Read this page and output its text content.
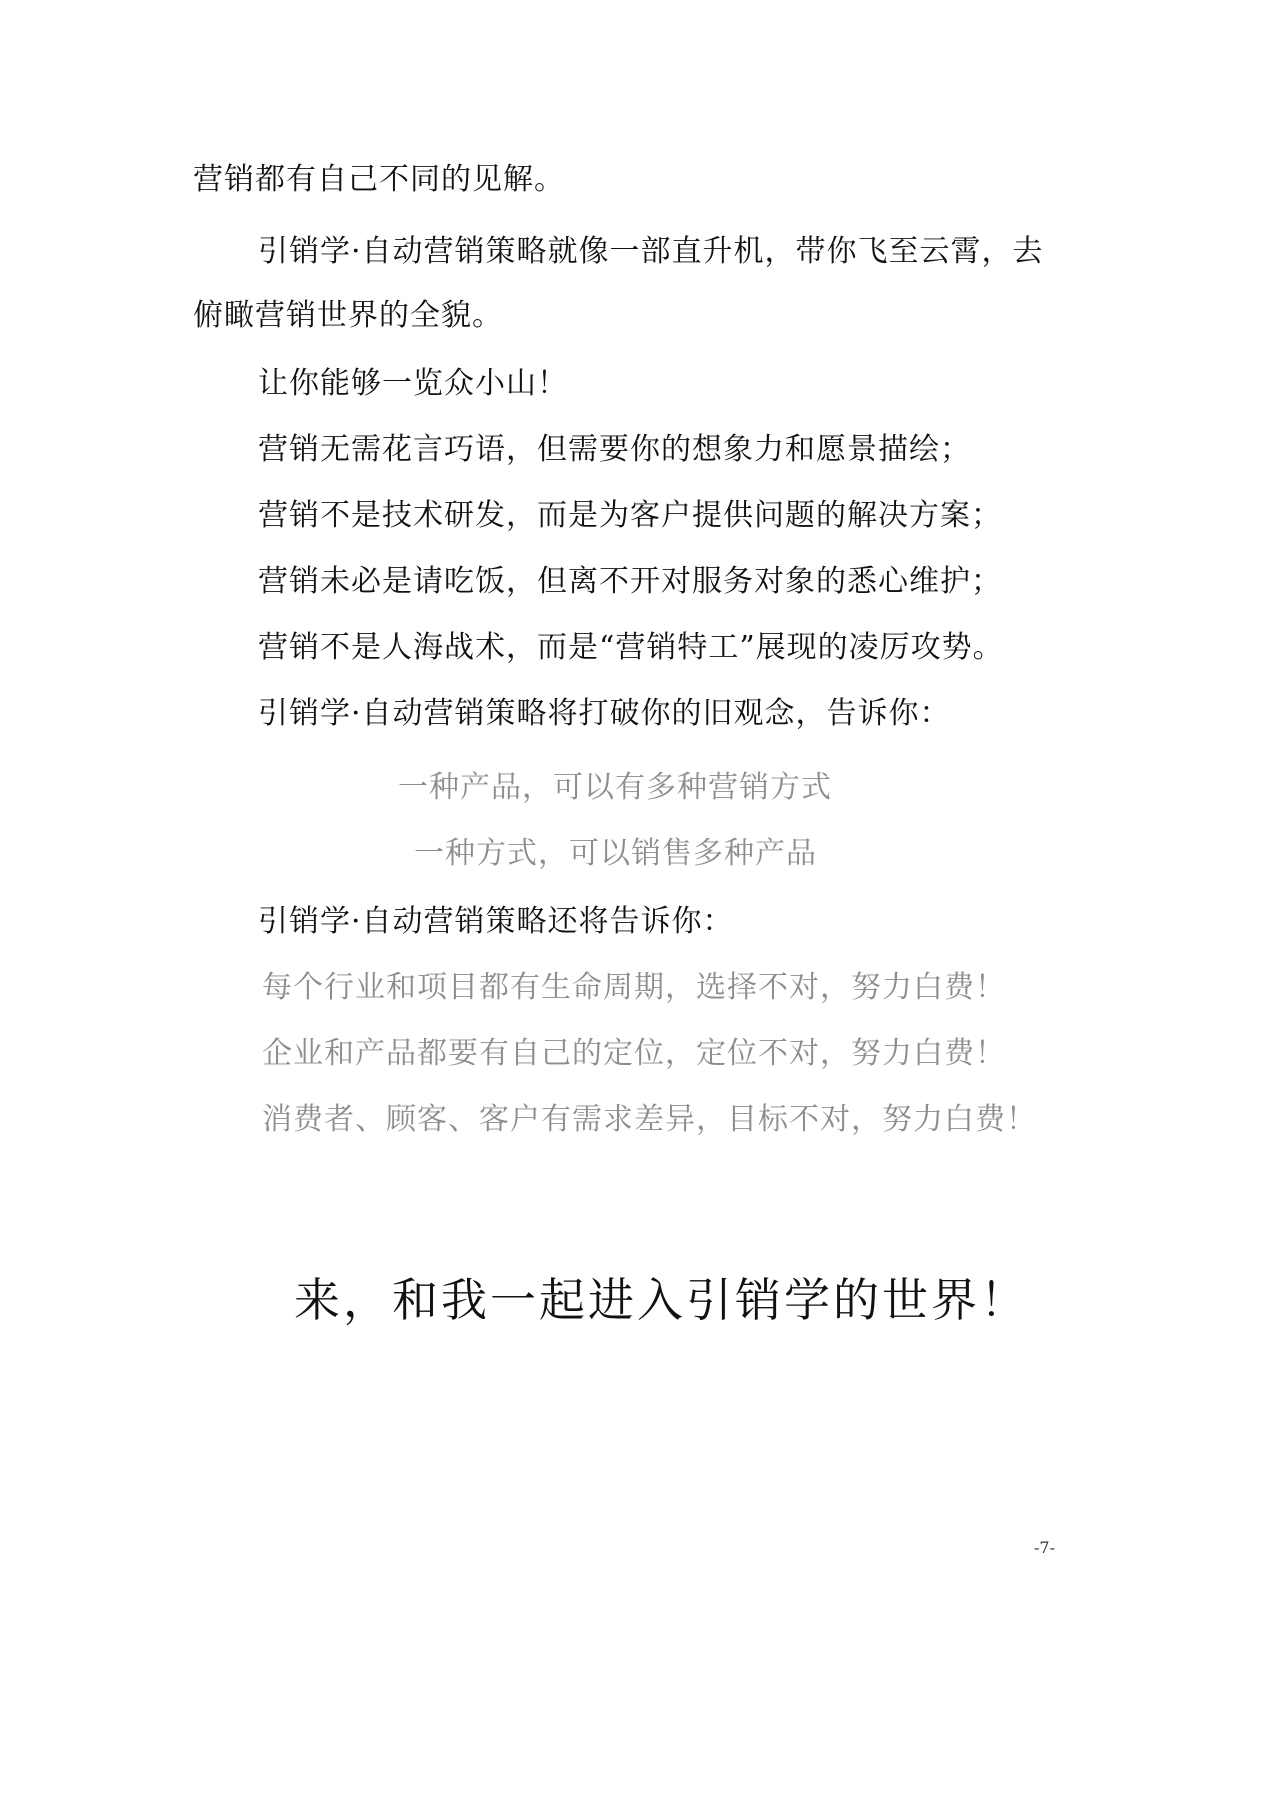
营销都有自己不同的见解。
引销学·自动营销策略就像一部直升机，带你飞至云霄，去
俯瞰营销世界的全貌。
让你能够一览众小山！
营销无需花言巧语，但需要你的想象力和愿景描绘；
营销不是技术研发，而是为客户提供问题的解决方案；
营销未必是请吃饭，但离不开对服务对象的悉心维护；
营销不是人海战术，而是“营销特工”展现的凌厉攻势。
引销学·自动营销策略将打破你的旧观念，告诉你：
一种产品，可以有多种营销方式
一种方式，可以销售多种产品
引销学·自动营销策略还将告诉你：
每个行业和项目都有生命周期，选择不对，努力白费！
企业和产品都要有自己的定位，定位不对，努力白费！
消费者、顾客、客户有需求差异，目标不对，努力白费！
来，和我一起进入引销学的世界！
-7-
